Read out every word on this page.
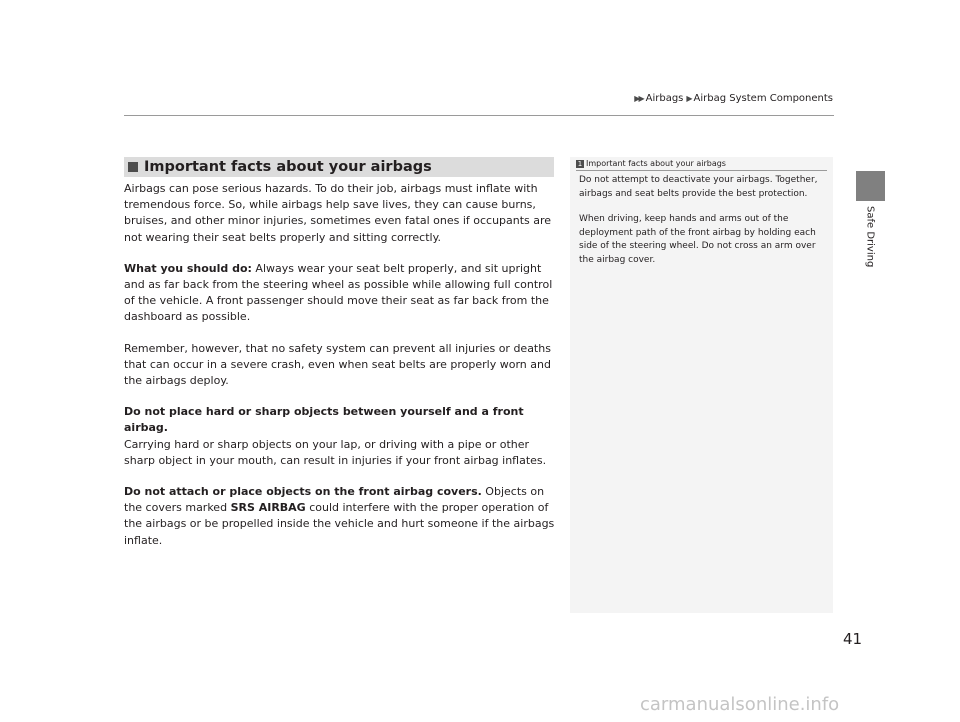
▶▶ Airbags ▶ Airbag System Components
Safe Driving
Important facts about your airbags

Airbags can pose serious hazards. To do their job, airbags must inflate with tremendous force. So, while airbags help save lives, they can cause burns, bruises, and other minor injuries, sometimes even fatal ones if occupants are not wearing their seat belts properly and sitting correctly.

What you should do: Always wear your seat belt properly, and sit upright and as far back from the steering wheel as possible while allowing full control of the vehicle. A front passenger should move their seat as far back from the dashboard as possible.

Remember, however, that no safety system can prevent all injuries or deaths that can occur in a severe crash, even when seat belts are properly worn and the airbags deploy.

Do not place hard or sharp objects between yourself and a front airbag.
Carrying hard or sharp objects on your lap, or driving with a pipe or other sharp object in your mouth, can result in injuries if your front airbag inflates.

Do not attach or place objects on the front airbag covers. Objects on the covers marked SRS AIRBAG could interfere with the proper operation of the airbags or be propelled inside the vehicle and hurt someone if the airbags inflate.

1 Important facts about your airbags

Do not attempt to deactivate your airbags. Together, airbags and seat belts provide the best protection.

When driving, keep hands and arms out of the deployment path of the front airbag by holding each side of the steering wheel. Do not cross an arm over the airbag cover.

41
carmanualsonline.info
